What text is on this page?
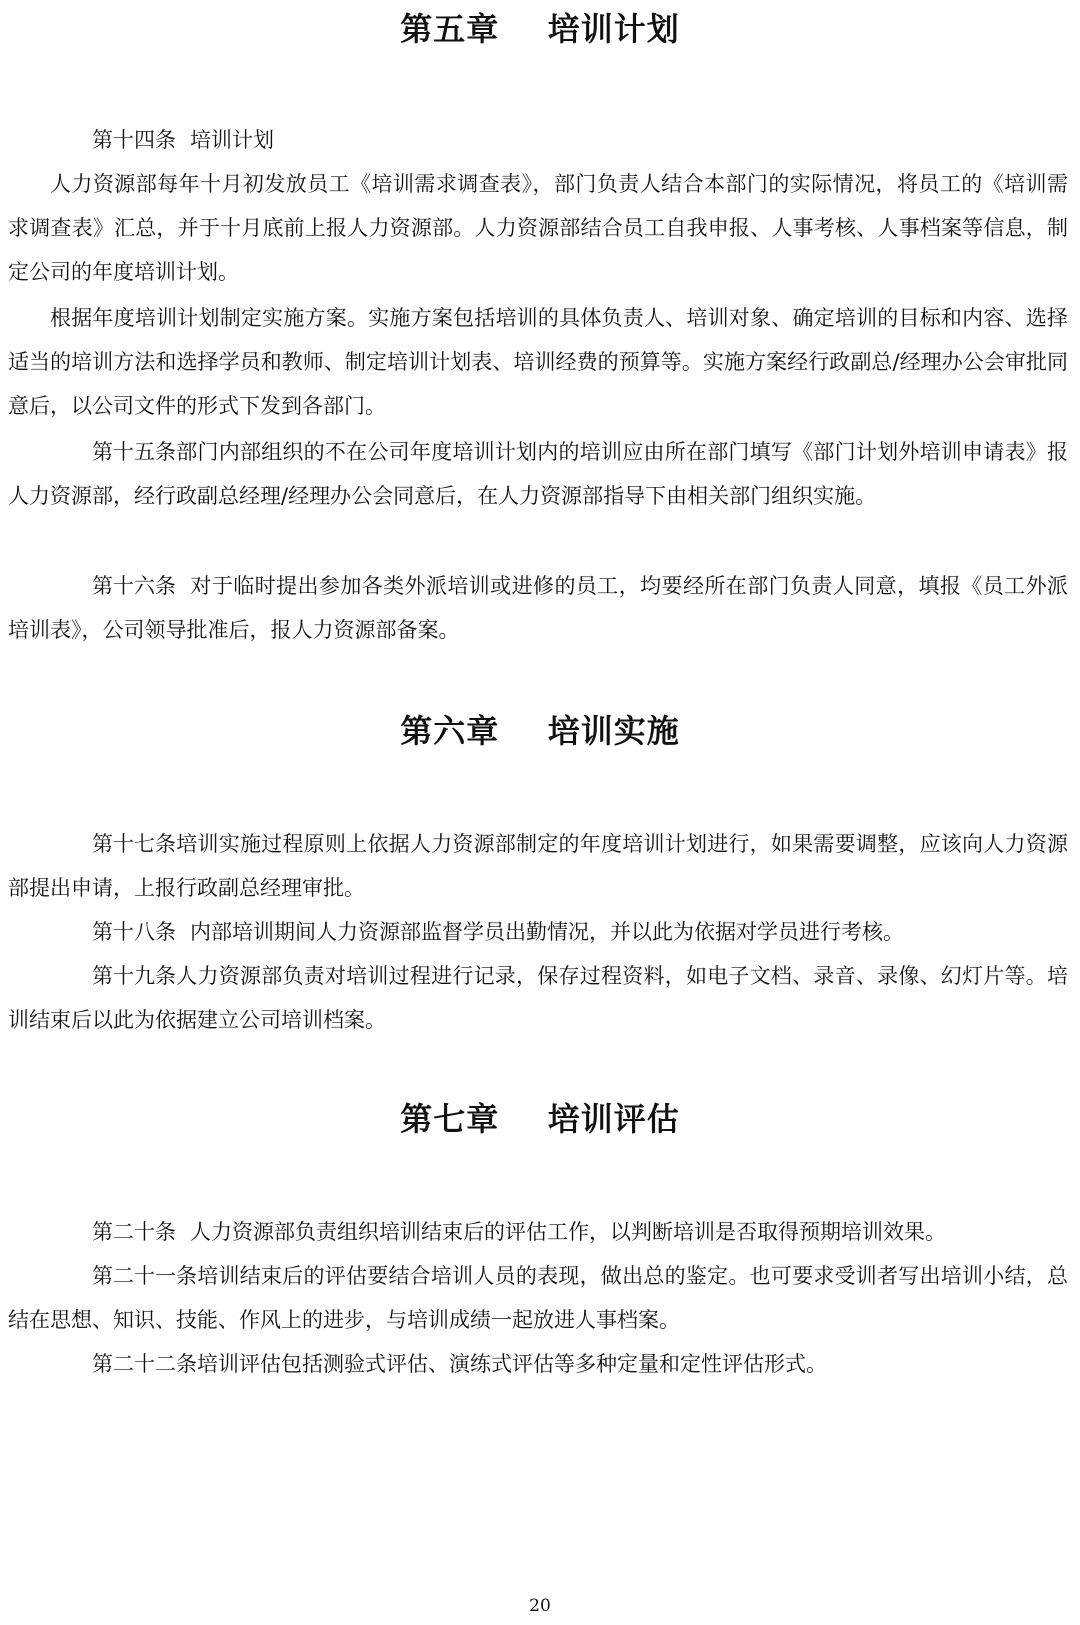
第五章    培训计划

第十四条 培训计划

人力资源部每年十月初发放员工《培训需求调查表》，部门负责人结合本部门的实际情况，将员工的《培训需求调查表》汇总，并于十月底前上报人力资源部。人力资源部结合员工自我申报、人事考核、人事档案等信息，制定公司的年度培训计划。

根据年度培训计划制定实施方案。实施方案包括培训的具体负责人、培训对象、确定培训的目标和内容、选择适当的培训方法和选择学员和教师、制定培训计划表、培训经费的预算等。实施方案经行政副总/经理办公会审批同意后，以公司文件的形式下发到各部门。

第十五条部门内部组织的不在公司年度培训计划内的培训应由所在部门填写《部门计划外培训申请表》报人力资源部，经行政副总经理/经理办公会同意后，在人力资源部指导下由相关部门组织实施。

第十六条 对于临时提出参加各类外派培训或进修的员工，均要经所在部门负责人同意，填报《员工外派培训表》，公司领导批准后，报人力资源部备案。

第六章    培训实施

第十七条培训实施过程原则上依据人力资源部制定的年度培训计划进行，如果需要调整，应该向人力资源部提出申请，上报行政副总经理审批。

第十八条 内部培训期间人力资源部监督学员出勤情况，并以此为依据对学员进行考核。

第十九条人力资源部负责对培训过程进行记录，保存过程资料，如电子文档、录音、录像、幻灯片等。培训结束后以此为依据建立公司培训档案。

第七章    培训评估

第二十条 人力资源部负责组织培训结束后的评估工作，以判断培训是否取得预期培训效果。

第二十一条培训结束后的评估要结合培训人员的表现，做出总的鉴定。也可要求受训者写出培训小结，总结在思想、知识、技能、作风上的进步，与培训成绩一起放进人事档案。

第二十二条培训评估包括测验式评估、演练式评估等多种定量和定性评估形式。

20
